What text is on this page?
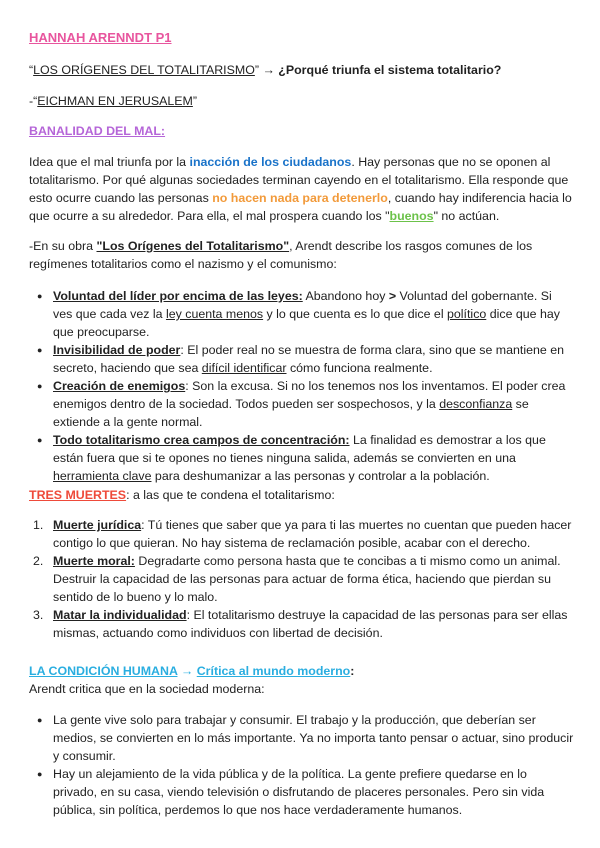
HANNAH ARENNDT P1

“LOS ORÍGENES DEL TOTALITARISMO” → ¿Porqué triunfa el sistema totalitario?

-“EICHMAN EN JERUSALEM”

BANALIDAD DEL MAL:

Idea que el mal triunfa por la inacción de los ciudadanos. Hay personas que no se oponen al totalitarismo. Por qué algunas sociedades terminan cayendo en el totalitarismo. Ella responde que esto ocurre cuando las personas no hacen nada para detenerlo, cuando hay indiferencia hacia lo que ocurre a su alrededor. Para ella, el mal prospera cuando los "buenos" no actúan.

-En su obra "Los Orígenes del Totalitarismo", Arendt describe los rasgos comunes de los regímenes totalitarios como el nazismo y el comunismo:

● Voluntad del líder por encima de las leyes: Abandono hoy > Voluntad del gobernante. Si ves que cada vez la ley cuenta menos y lo que cuenta es lo que dice el político dice que hay que preocuparse.
● Invisibilidad de poder: El poder real no se muestra de forma clara, sino que se mantiene en secreto, haciendo que sea difícil identificar cómo funciona realmente.
● Creación de enemigos: Son la excusa. Si no los tenemos nos los inventamos. El poder crea enemigos dentro de la sociedad. Todos pueden ser sospechosos, y la desconfianza se extiende a la gente normal.
● Todo totalitarismo crea campos de concentración: La finalidad es demostrar a los que están fuera que si te opones no tienes ninguna salida, además se convierten en una herramienta clave para deshumanizar a las personas y controlar a la población.

TRES MUERTES: a las que te condena el totalitarismo:

1. Muerte jurídica: Tú tienes que saber que ya para ti las muertes no cuentan que pueden hacer contigo lo que quieran. No hay sistema de reclamación posible, acabar con el derecho.
2. Muerte moral: Degradarte como persona hasta que te concibas a ti mismo como un animal. Destruir la capacidad de las personas para actuar de forma ética, haciendo que pierdan su sentido de lo bueno y lo malo.
3. Matar la individualidad: El totalitarismo destruye la capacidad de las personas para ser ellas mismas, actuando como individuos con libertad de decisión.

LA CONDICIÓN HUMANA → Crítica al mundo moderno:

Arendt critica que en la sociedad moderna:

● La gente vive solo para trabajar y consumir. El trabajo y la producción, que deberían ser medios, se convierten en lo más importante. Ya no importa tanto pensar o actuar, sino producir y consumir.
● Hay un alejamiento de la vida pública y de la política. La gente prefiere quedarse en lo privado, en su casa, viendo televisión o disfrutando de placeres personales. Pero sin vida pública, sin política, perdemos lo que nos hace verdaderamente humanos.
